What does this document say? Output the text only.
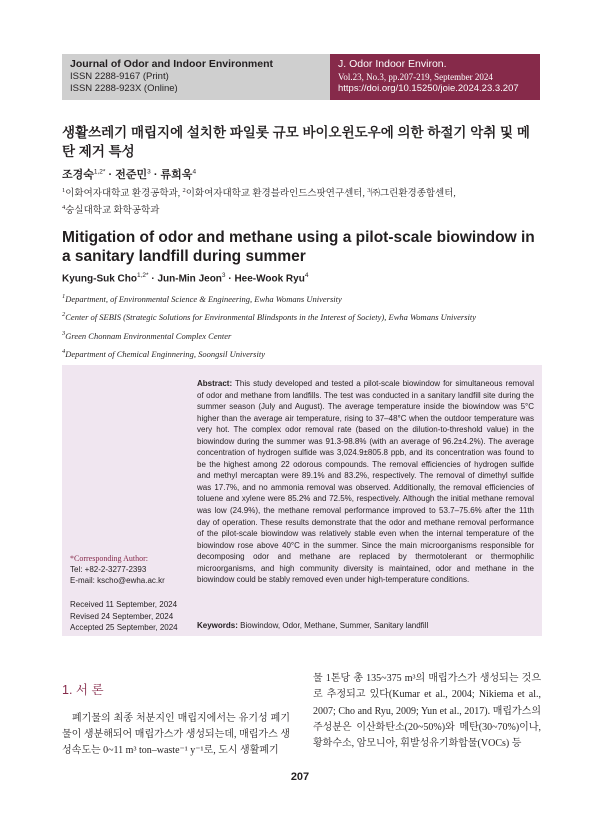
Journal of Odor and Indoor Environment
ISSN 2288-9167 (Print)
ISSN 2288-923X (Online)
J. Odor Indoor Environ.
Vol.23, No.3, pp.207-219, September 2024
https://doi.org/10.15250/joie.2024.23.3.207
생활쓰레기 매립지에 설치한 파일롯 규모 바이오윈도우에 의한 하절기 악취 및 메탄 제거 특성
조경숙$^{1,2*}$ · 전준민$^3$ · 류희욱$^4$
$^1$이화여자대학교 환경공학과, $^2$이화여자대학교 환경블라인드스팟연구센터, $^3$㈜그린환경종합센터,
$^4$숭실대학교 화학공학과
Mitigation of odor and methane using a pilot-scale biowindow in a sanitary landfill during summer
Kyung-Suk Cho$^{1,2*}$ · Jun-Min Jeon$^3$ · Hee-Wook Ryu$^4$
$^1$Department, of Environmental Science & Engineering, Ewha Womans University
$^2$Center of SEBIS (Strategic Solutions for Environmental Blindsponts in the Interest of Society), Ewha Womans University
$^3$Green Chonnam Environmental Complex Center
$^4$Department of Chemical Enginnering, Soongsil University
*Corresponding Author:
Tel: +82-2-3277-2393
E-mail: kscho@ewha.ac.kr
Received 11 September, 2024
Revised 24 September, 2024
Accepted 25 September, 2024
Abstract: This study developed and tested a pilot-scale biowindow for simultaneous removal of odor and methane from landfills. The test was conducted in a sanitary landfill site during the summer season (July and August). The average temperature inside the biowindow was 5°C higher than the average air temperature, rising to 37–48°C when the outdoor temperature was very hot. The complex odor removal rate (based on the dilution-to-threshold value) in the biowindow during the summer was 91.3-98.8% (with an average of 96.2±4.2%). The average concentration of hydrogen sulfide was 3,024.9±805.8 ppb, and its concentration was found to be the highest among 22 odorous compounds. The removal efficiencies of hydrogen sulfide and methyl mercaptan were 89.1% and 83.2%, respectively. The removal of dimethyl sulfide was 17.7%, and no ammonia removal was observed. Additionally, the removal efficiencies of toluene and xylene were 85.2% and 72.5%, respectively. Although the initial methane removal was low (24.9%), the methane removal performance improved to 53.7–75.6% after the 11th day of operation. These results demonstrate that the odor and methane removal performance of the pilot-scale biowindow was relatively stable even when the internal temperature of the biowindow rose above 40°C in the summer. Since the main microorganisms responsible for decomposing odor and methane are replaced by thermotolerant or thermophilic microorganisms, and high community diversity is maintained, odor and methane in the biowindow could be stably removed even under high-temperature conditions.
Keywords: Biowindow, Odor, Methane, Summer, Sanitary landfill
1. 서 론
폐기물의 최종 처분지인 매립지에서는 유기성 폐기물이 생분해되어 매립가스가 생성되는데, 매립가스 생성속도는 0~11 m³ ton–waste⁻¹ y⁻¹로, 도시 생활폐기
물 1톤당 총 135~375 m³의 매립가스가 생성되는 것으로 추정되고 있다(Kumar et al., 2004; Nikiema et al., 2007; Cho and Ryu, 2009; Yun et al., 2017). 매립가스의 주성분은 이산화탄소(20~50%)와 메탄(30~70%)이나, 황화수소, 암모니아, 휘발성유기화합물(VOCs) 등
207
